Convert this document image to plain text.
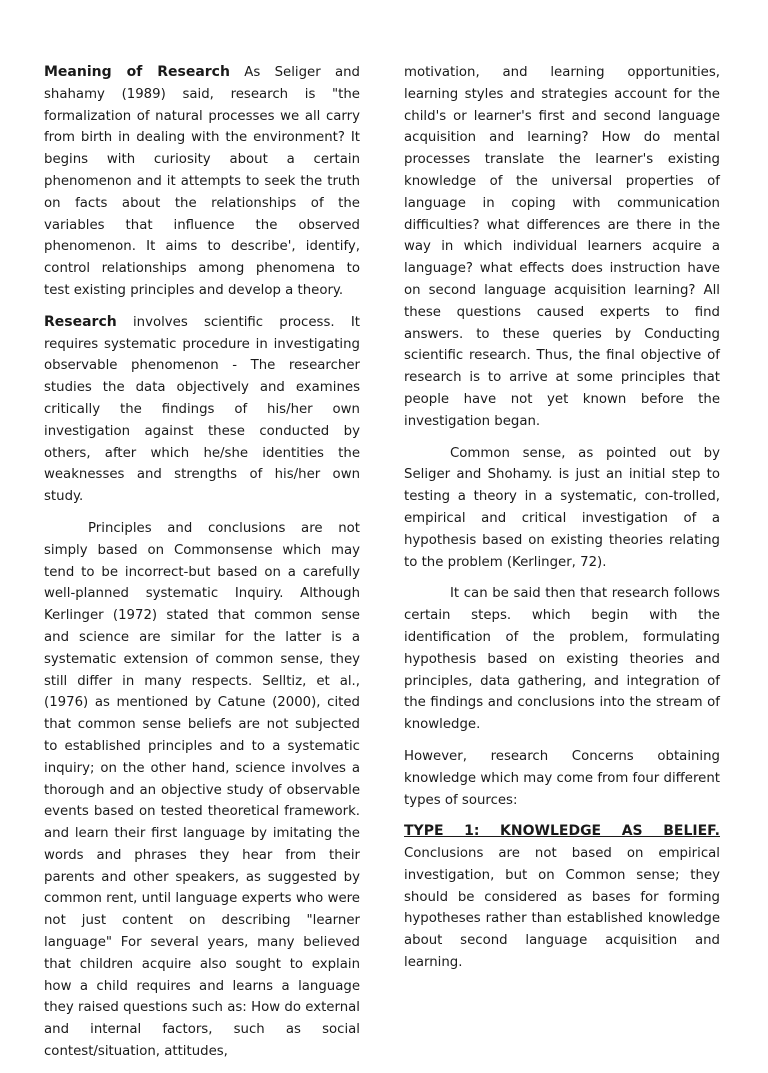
Meaning of Research As Seliger and shahamy (1989) said, research is "the formalization of natural processes we all carry from birth in dealing with the environment? It begins with curiosity about a certain phenomenon and it attempts to seek the truth on facts about the relationships of the variables that influence the observed phenomenon. It aims to describe', identify, control relationships among phenomena to test existing principles and develop a theory.

Research involves scientific process. It requires systematic procedure in investigating observable phenomenon - The researcher studies the data objectively and examines critically the findings of his/her own investigation against these conducted by others, after which he/she identities the weaknesses and strengths of his/her own study.

Principles and conclusions are not simply based on Commonsense which may tend to be incorrect-but based on a carefully well-planned systematic Inquiry. Although Kerlinger (1972) stated that common sense and science are similar for the latter is a systematic extension of common sense, they still differ in many respects. Selltiz, et al., (1976) as mentioned by Catune (2000), cited that common sense beliefs are not subjected to established principles and to a systematic inquiry; on the other hand, science involves a thorough and an objective study of observable events based on tested theoretical framework. and learn their first language by imitating the words and phrases they hear from their parents and other speakers, as suggested by common rent, until language experts who were not just content on describing "learner language" For several years, many believed that children acquire also sought to explain how a child requires and learns a language they raised questions such as: How do external and internal factors, such as social contest/situation, attitudes,

motivation, and learning opportunities, learning styles and strategies account for the child's or learner's first and second language acquisition and learning? How do mental processes translate the learner's existing knowledge of the universal properties of language in coping with communication difficulties? what differences are there in the way in which individual learners acquire a language? what effects does instruction have on second language acquisition learning? All these questions caused experts to find answers. to these queries by Conducting scientific research. Thus, the final objective of research is to arrive at some principles that people have not yet known before the investigation began.

Common sense, as pointed out by Seliger and Shohamy. is just an initial step to testing a theory in a systematic, con-trolled, empirical and critical investigation of a hypothesis based on existing theories relating to the problem (Kerlinger, 72).

It can be said then that research follows certain steps. which begin with the identification of the problem, formulating hypothesis based on existing theories and principles, data gathering, and integration of the findings and conclusions into the stream of knowledge.

However, research Concerns obtaining knowledge which may come from four different types of sources:

TYPE 1: KNOWLEDGE AS BELIEF. Conclusions are not based on empirical investigation, but on Common sense; they should be considered as bases for forming hypotheses rather than established knowledge about second language acquisition and learning.
